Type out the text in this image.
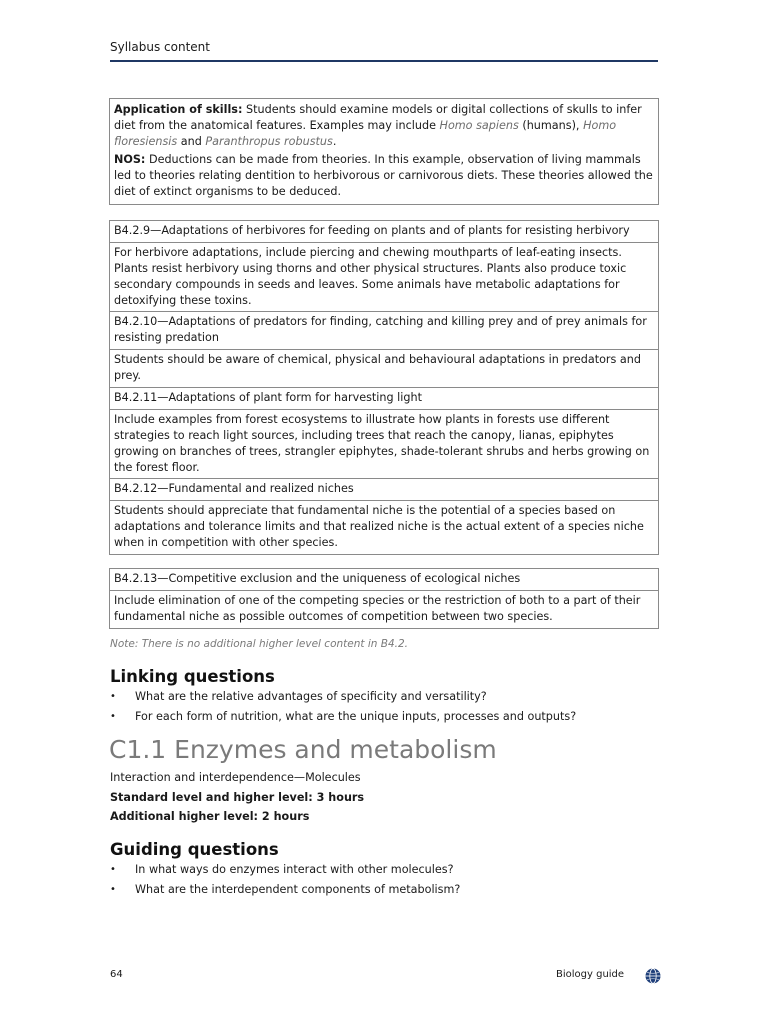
Syllabus content

Application of skills: Students should examine models or digital collections of skulls to infer diet from the anatomical features. Examples may include Homo sapiens (humans), Homo floresiensis and Paranthropus robustus.

NOS: Deductions can be made from theories. In this example, observation of living mammals led to theories relating dentition to herbivorous or carnivorous diets. These theories allowed the diet of extinct organisms to be deduced.

B4.2.9—Adaptations of herbivores for feeding on plants and of plants for resisting herbivory
For herbivore adaptations, include piercing and chewing mouthparts of leaf-eating insects. Plants resist herbivory using thorns and other physical structures. Plants also produce toxic secondary compounds in seeds and leaves. Some animals have metabolic adaptations for detoxifying these toxins.
B4.2.10—Adaptations of predators for finding, catching and killing prey and of prey animals for resisting predation
Students should be aware of chemical, physical and behavioural adaptations in predators and prey.
B4.2.11—Adaptations of plant form for harvesting light
Include examples from forest ecosystems to illustrate how plants in forests use different strategies to reach light sources, including trees that reach the canopy, lianas, epiphytes growing on branches of trees, strangler epiphytes, shade-tolerant shrubs and herbs growing on the forest floor.
B4.2.12—Fundamental and realized niches
Students should appreciate that fundamental niche is the potential of a species based on adaptations and tolerance limits and that realized niche is the actual extent of a species niche when in competition with other species.
B4.2.13—Competitive exclusion and the uniqueness of ecological niches
Include elimination of one of the competing species or the restriction of both to a part of their fundamental niche as possible outcomes of competition between two species.
Note: There is no additional higher level content in B4.2.
Linking questions
• What are the relative advantages of specificity and versatility?
• For each form of nutrition, what are the unique inputs, processes and outputs?
C1.1 Enzymes and metabolism
Interaction and interdependence—Molecules
Standard level and higher level: 3 hours
Additional higher level: 2 hours
Guiding questions
• In what ways do enzymes interact with other molecules?
• What are the interdependent components of metabolism?
64	Biology guide
